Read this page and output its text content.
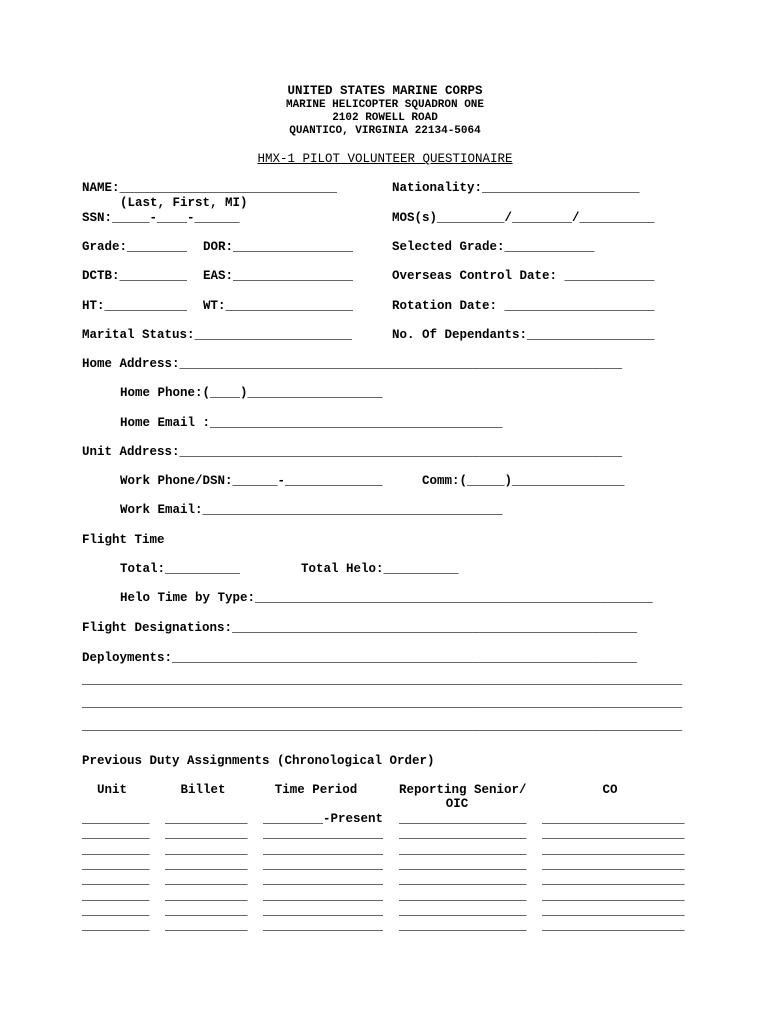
UNITED STATES MARINE CORPS
MARINE HELICOPTER SQUADRON ONE
2102 ROWELL ROAD
QUANTICO, VIRGINIA 22134-5064
HMX-1 PILOT VOLUNTEER QUESTIONAIRE
NAME:_____________________________	Nationality:_____________________
(Last, First, MI)
SSN:_____-____-______	MOS(s)_________/________/__________
Grade:________ DOR:________________	Selected Grade:____________
DCTB:_________ EAS:________________	Overseas Control Date: ____________
HT:___________ WT:_________________	Rotation Date: ____________________
Marital Status:_____________________	No. Of Dependants:_________________
Home Address:___________________________________________________________
Home Phone:(____)__________________
Home Email :_______________________________________
Unit Address:___________________________________________________________
Work Phone/DSN:______-_____________	Comm:(_____)_______________
Work Email:________________________________________
Flight Time
Total:__________	Total Helo:__________
Helo Time by Type:_____________________________________________________
Flight Designations:______________________________________________________
Deployments:______________________________________________________________
________________________________________________________________________________
________________________________________________________________________________
________________________________________________________________________________
Previous Duty Assignments (Chronological Order)
Unit	Billet	Time Period	Reporting Senior/	CO
OIC
_________ ___________ ________-Present _________________ ___________________
_________ ___________ ________________ _________________ ___________________
_________ ___________ ________________ _________________ ___________________
_________ ___________ ________________ _________________ ___________________
_________ ___________ ________________ _________________ ___________________
_________ ___________ ________________ _________________ ___________________
_________ ___________ ________________ _________________ ___________________
_________ ___________ ________________ _________________ ___________________
